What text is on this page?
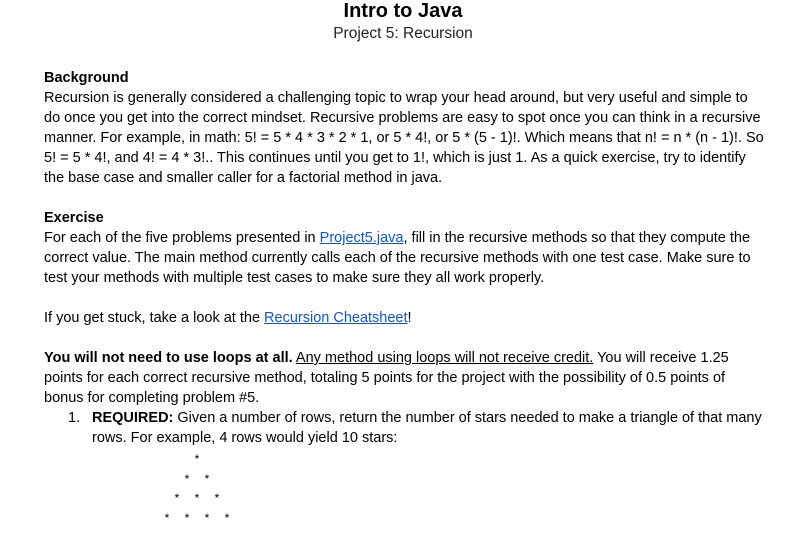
Intro to Java
Project 5: Recursion
Background
Recursion is generally considered a challenging topic to wrap your head around, but very useful and simple to do once you get into the correct mindset. Recursive problems are easy to spot once you can think in a recursive manner. For example, in math: 5! = 5 * 4 * 3 * 2 * 1, or 5 * 4!, or 5 * (5 - 1)!. Which means that n! = n * (n - 1)!. So 5! = 5 * 4!, and 4! = 4 * 3!.. This continues until you get to 1!, which is just 1. As a quick exercise, try to identify the base case and smaller caller for a factorial method in java.
Exercise
For each of the five problems presented in Project5.java, fill in the recursive methods so that they compute the correct value. The main method currently calls each of the recursive methods with one test case. Make sure to test your methods with multiple test cases to make sure they all work properly.
If you get stuck, take a look at the Recursion Cheatsheet!
You will not need to use loops at all. Any method using loops will not receive credit. You will receive 1.25 points for each correct recursive method, totaling 5 points for the project with the possibility of 0.5 points of bonus for completing problem #5.
1. REQUIRED: Given a number of rows, return the number of stars needed to make a triangle of that many rows. For example, 4 rows would yield 10 stars:
*
* *
* * *
* * * *
